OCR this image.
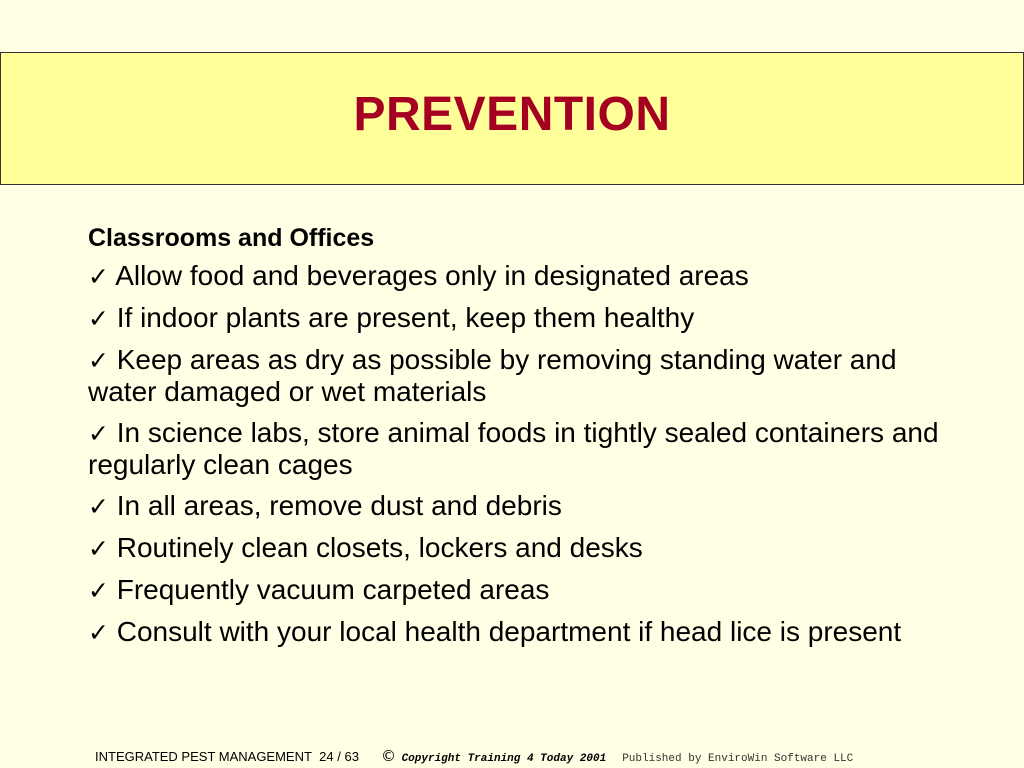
PREVENTION
Classrooms and Offices
✓ Allow food and beverages only in designated areas
✓ If indoor plants are present, keep them healthy
✓ Keep areas as dry as possible by removing standing water and water damaged or wet materials
✓ In science labs, store animal foods in tightly sealed containers and regularly clean cages
✓ In all areas, remove dust and debris
✓ Routinely clean closets, lockers and desks
✓ Frequently vacuum carpeted areas
✓ Consult with your local health department if head lice is present
INTEGRATED PEST MANAGEMENT 24 / 63 © Copyright Training 4 Today 2001 Published by EnviroWin Software LLC
